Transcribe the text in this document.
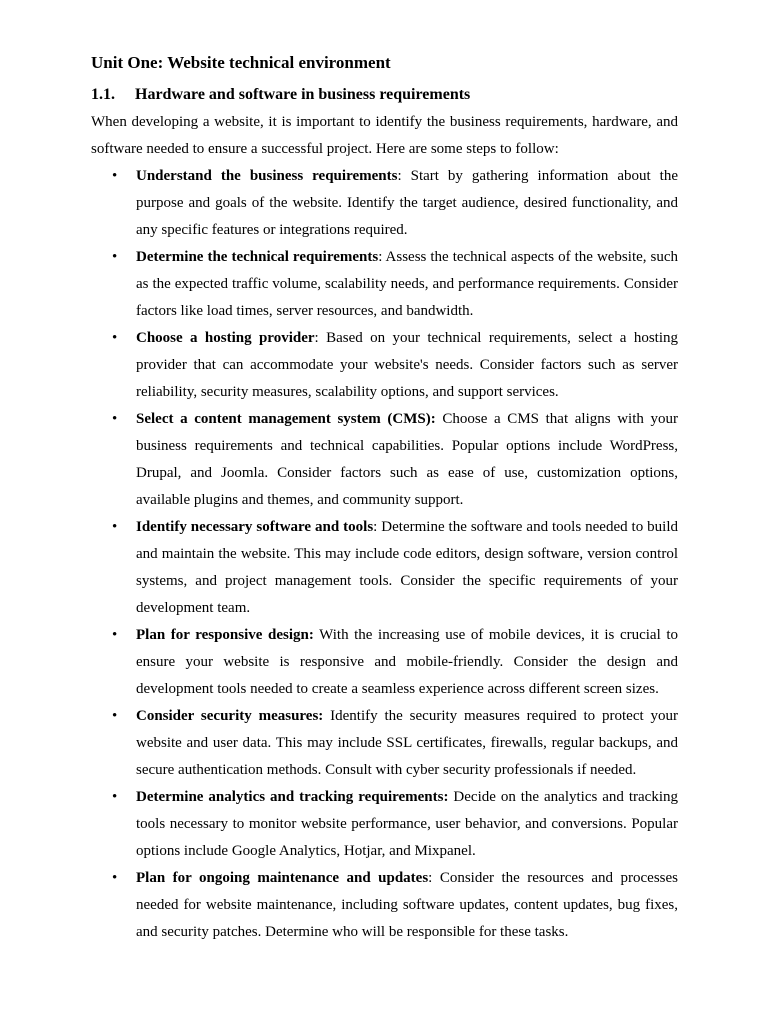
Unit One: Website technical environment
1.1.	Hardware and software in business requirements

When developing a website, it is important to identify the business requirements, hardware, and software needed to ensure a successful project. Here are some steps to follow:

• Understand the business requirements: Start by gathering information about the purpose and goals of the website. Identify the target audience, desired functionality, and any specific features or integrations required.
• Determine the technical requirements: Assess the technical aspects of the website, such as the expected traffic volume, scalability needs, and performance requirements. Consider factors like load times, server resources, and bandwidth.
• Choose a hosting provider: Based on your technical requirements, select a hosting provider that can accommodate your website's needs. Consider factors such as server reliability, security measures, scalability options, and support services.
• Select a content management system (CMS): Choose a CMS that aligns with your business requirements and technical capabilities. Popular options include WordPress, Drupal, and Joomla. Consider factors such as ease of use, customization options, available plugins and themes, and community support.
• Identify necessary software and tools: Determine the software and tools needed to build and maintain the website. This may include code editors, design software, version control systems, and project management tools. Consider the specific requirements of your development team.
• Plan for responsive design: With the increasing use of mobile devices, it is crucial to ensure your website is responsive and mobile-friendly. Consider the design and development tools needed to create a seamless experience across different screen sizes.
• Consider security measures: Identify the security measures required to protect your website and user data. This may include SSL certificates, firewalls, regular backups, and secure authentication methods. Consult with cyber security professionals if needed.
• Determine analytics and tracking requirements: Decide on the analytics and tracking tools necessary to monitor website performance, user behavior, and conversions. Popular options include Google Analytics, Hotjar, and Mixpanel.
• Plan for ongoing maintenance and updates: Consider the resources and processes needed for website maintenance, including software updates, content updates, bug fixes, and security patches. Determine who will be responsible for these tasks.
